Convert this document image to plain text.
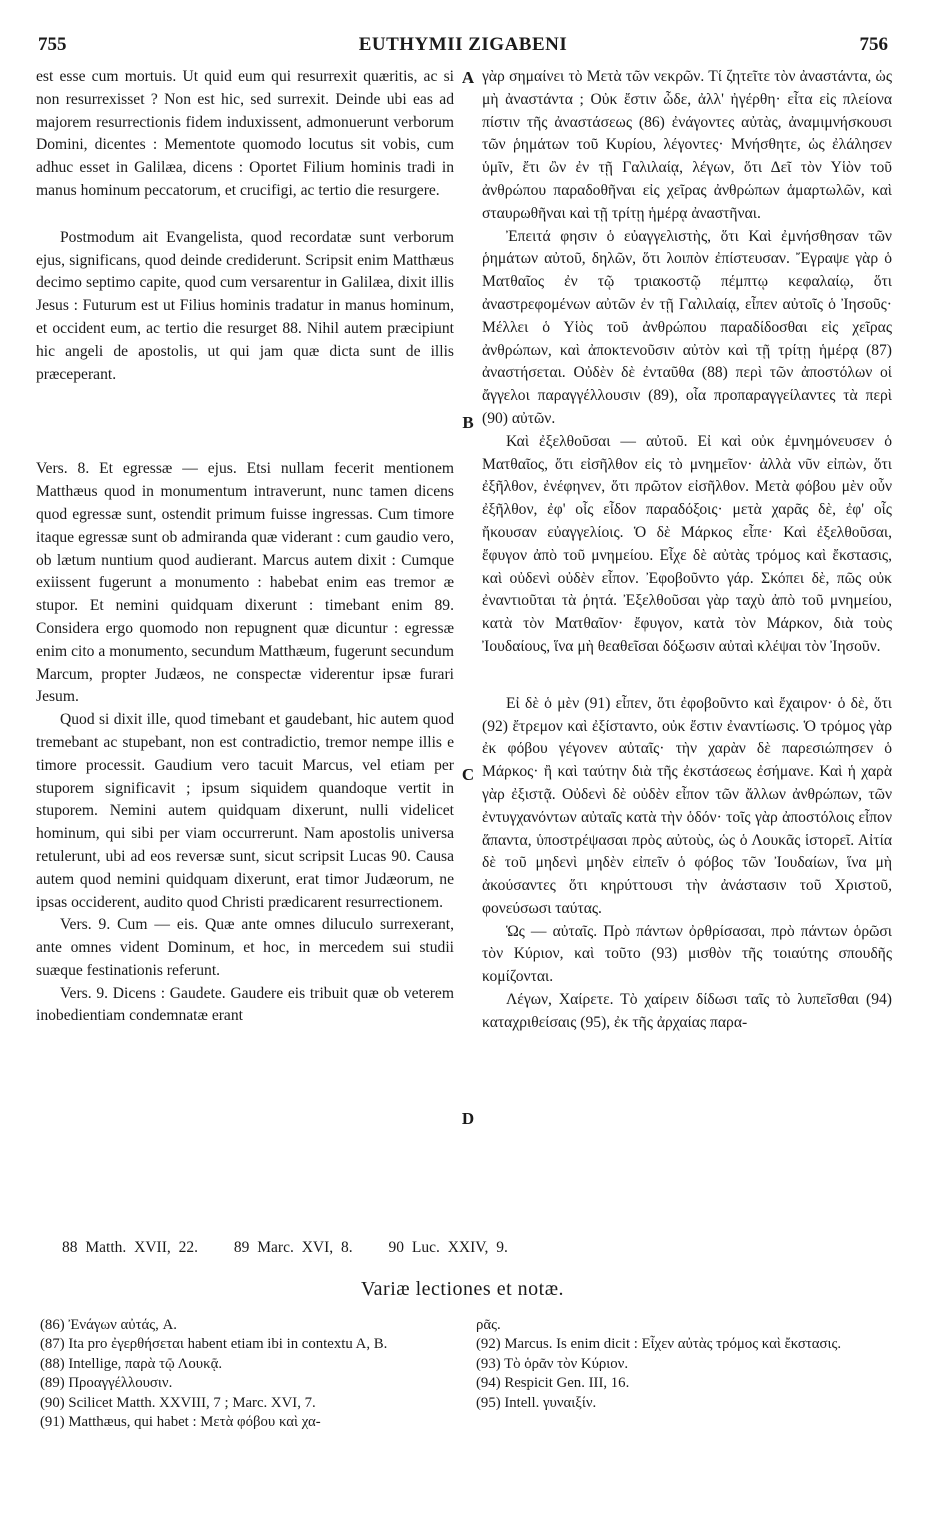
755	EUTHYMII ZIGABENI	756

est esse cum mortuis. Ut quid eum qui resurrexit quæritis, ac si non resurrexisset ? Non est hic, sed surrexit. Deinde ubi eas ad majorem resurrectionis fidem induxissent, admonuerunt verborum Domini, dicentes : Mementote quomodo locutus sit vobis, cum adhuc esset in Galilæa, dicens : Oportet Filium hominis tradi in manus hominum peccatorum, et crucifigi, ac tertio die resurgere.

Postmodum ait Evangelista, quod recordatæ sunt verborum ejus, significans, quod deinde crediderunt. Scripsit enim Matthæus decimo septimo capite, quod cum versarentur in Galilæa, dixit illis Jesus : Futurum est ut Filius hominis tradatur in manus hominum, et occident eum, ac tertio die resurget 88. Nihil autem præcipiunt hic angeli de apostolis, ut qui jam quæ dicta sunt de illis præceperant.

Vers. 8. Et egressæ — ejus. Etsi nullam fecerit mentionem Matthæus quod in monumentum intraverunt, nunc tamen dicens quod egressæ sunt, ostendit primum fuisse ingressas. Cum timore itaque egressæ sunt ob admiranda quæ viderant : cum gaudio vero, ob lætum nuntium quod audierant. Marcus autem dixit : Cumque exiissent fugerunt a monumento : habebat enim eas tremor æ stupor. Et nemini quidquam dixerunt : timebant enim 89. Considera ergo quomodo non repugnent quæ dicuntur : egressæ enim cito a monumento, secundum Matthæum, fugerunt secundum Marcum, propter Judæos, ne conspectæ viderentur ipsæ furari Jesum.

Quod si dixit ille, quod timebant et gaudebant, hic autem quod tremebant ac stupebant, non est contradictio, tremor nempe illis e timore processit. Gaudium vero tacuit Marcus, vel etiam per stuporem significavit ; ipsum siquidem quandoque vertit in stuporem. Nemini autem quidquam dixerunt, nulli videlicet hominum, qui sibi per viam occurrerunt. Nam apostolis universa retulerunt, ubi ad eos reversæ sunt, sicut scripsit Lucas 90. Causa autem quod nemini quidquam dixerunt, erat timor Judæorum, ne ipsas occiderent, audito quod Christi prædicarent resurrectionem.

Vers. 9. Cum — eis. Quæ ante omnes diluculo surrexerant, ante omnes vident Dominum, et hoc, in mercedem sui studii suæque festinationis referunt.

Vers. 9. Dicens : Gaudete. Gaudere eis tribuit quæ ob veterem inobedientiam condemnatæ erant

A
B
C
D

γὰρ σημαίνει τὸ Μετὰ τῶν νεκρῶν. Τί ζητεῖτε τὸν ἀναστάντα, ὡς μὴ ἀναστάντα ; Οὐκ ἔστιν ὧδε, ἀλλ' ἠγέρθη· εἶτα εἰς πλείονα πίστιν τῆς ἀναστάσεως (86) ἐνάγοντες αὐτὰς, ἀναμιμνήσκουσι τῶν ῥημάτων τοῦ Κυρίου, λέγοντες· Μνήσθητε, ὡς ἐλάλησεν ὑμῖν, ἔτι ὢν ἐν τῇ Γαλιλαίᾳ, λέγων, ὅτι Δεῖ τὸν Υἱὸν τοῦ ἀνθρώπου παραδοθῆναι εἰς χεῖρας ἀνθρώπων ἁμαρτωλῶν, καὶ σταυρωθῆναι καὶ τῇ τρίτῃ ἡμέρᾳ ἀναστῆναι.

Ἐπειτά φησιν ὁ εὐαγγελιστὴς, ὅτι Καὶ ἐμνήσθησαν τῶν ῥημάτων αὐτοῦ, δηλῶν, ὅτι λοιπὸν ἐπίστευσαν. Ἔγραψε γὰρ ὁ Ματθαῖος ἐν τῷ τριακοστῷ πέμπτῳ κεφαλαίῳ, ὅτι ἀναστρεφομένων αὐτῶν ἐν τῇ Γαλιλαίᾳ, εἶπεν αὐτοῖς ὁ Ἰησοῦς· Μέλλει ὁ Υἱὸς τοῦ ἀνθρώπου παραδίδοσθαι εἰς χεῖρας ἀνθρώπων, καὶ ἀποκτενοῦσιν αὐτὸν καὶ τῇ τρίτῃ ἡμέρᾳ (87) ἀναστήσεται. Οὐδὲν δὲ ἐνταῦθα (88) περὶ τῶν ἀποστόλων οἱ ἄγγελοι παραγγέλλουσιν (89), οἷα προπαραγγείλαντες τὰ περὶ (90) αὐτῶν.

Καὶ ἐξελθοῦσαι — αὐτοῦ. Εἰ καὶ οὐκ ἐμνημόνευσεν ὁ Ματθαῖος, ὅτι εἰσῆλθον εἰς τὸ μνημεῖον· ἀλλὰ νῦν εἰπὼν, ὅτι ἐξῆλθον, ἐνέφηνεν, ὅτι πρῶτον εἰσῆλθον. Μετὰ φόβου μὲν οὖν ἐξῆλθον, ἐφ' οἷς εἶδον παραδόξοις· μετὰ χαρᾶς δὲ, ἐφ' οἷς ἤκουσαν εὐαγγελίοις. Ὁ δὲ Μάρκος εἶπε· Καὶ ἐξελθοῦσαι, ἔφυγον ἀπὸ τοῦ μνημείου. Εἶχε δὲ αὐτὰς τρόμος καὶ ἔκστασις, καὶ οὐδενὶ οὐδὲν εἶπον. Ἐφοβοῦντο γάρ. Σκόπει δὲ, πῶς οὐκ ἐναντιοῦται τὰ ῥητά. Ἐξελθοῦσαι γὰρ ταχὺ ἀπὸ τοῦ μνημείου, κατὰ τὸν Ματθαῖον· ἔφυγον, κατὰ τὸν Μάρκον, διὰ τοὺς Ἰουδαίους, ἵνα μὴ θεαθεῖσαι δόξωσιν αὐταὶ κλέψαι τὸν Ἰησοῦν.

Εἰ δὲ ὁ μὲν (91) εἶπεν, ὅτι ἐφοβοῦντο καὶ ἔχαιρον· ὁ δὲ, ὅτι (92) ἔτρεμον καὶ ἐξίσταντο, οὐκ ἔστιν ἐναντίωσις. Ὁ τρόμος γὰρ ἐκ φόβου γέγονεν αὐταῖς· τὴν χαρὰν δὲ παρεσιώπησεν ὁ Μάρκος· ἢ καὶ ταύτην διὰ τῆς ἐκστάσεως ἐσήμανε. Καὶ ἡ χαρὰ γὰρ ἐξιστᾷ. Οὐδενὶ δὲ οὐδὲν εἶπον τῶν ἄλλων ἀνθρώπων, τῶν ἐντυγχανόντων αὐταῖς κατὰ τὴν ὁδόν· τοῖς γὰρ ἀποστόλοις εἶπον ἅπαντα, ὑποστρέψασαι πρὸς αὐτοὺς, ὡς ὁ Λουκᾶς ἱστορεῖ. Αἰτία δὲ τοῦ μηδενὶ μηδὲν εἰπεῖν ὁ φόβος τῶν Ἰουδαίων, ἵνα μὴ ἀκούσαντες ὅτι κηρύττουσι τὴν ἀνάστασιν τοῦ Χριστοῦ, φονεύσωσι ταύτας.

Ὡς — αὐταῖς. Πρὸ πάντων ὀρθρίσασαι, πρὸ πάντων ὁρῶσι τὸν Κύριον, καὶ τοῦτο (93) μισθὸν τῆς τοιαύτης σπουδῆς κομίζονται.

Λέγων, Χαίρετε. Τὸ χαίρειν δίδωσι ταῖς τὸ λυπεῖσθαι (94) καταχριθείσαις (95), ἐκ τῆς ἀρχαίας παρα-

88 Matth. XVII, 22. 89 Marc. XVI, 8. 90 Luc. XXIV, 9.
Variæ lectiones et notæ.

(86) Ἐνάγων αὐτάς, A.

(87) Ita pro ἐγερθήσεται habent etiam ibi in contextu A, B.

(88) Intellige, παρὰ τῷ Λουκᾷ.

(89) Προαγγέλλουσιν.

(90) Scilicet Matth. XXVIII, 7 ; Marc. XVI, 7.

(91) Matthæus, qui habet : Μετὰ φόβου καὶ χα-

ρᾶς.

(92) Marcus. Is enim dicit : Εἶχεν αὐτὰς τρόμος καὶ ἔκστασις.

(93) Τὸ ὁρᾶν τὸν Κύριον.

(94) Respicit Gen. III, 16.

(95) Intell. γυναιξίν.
